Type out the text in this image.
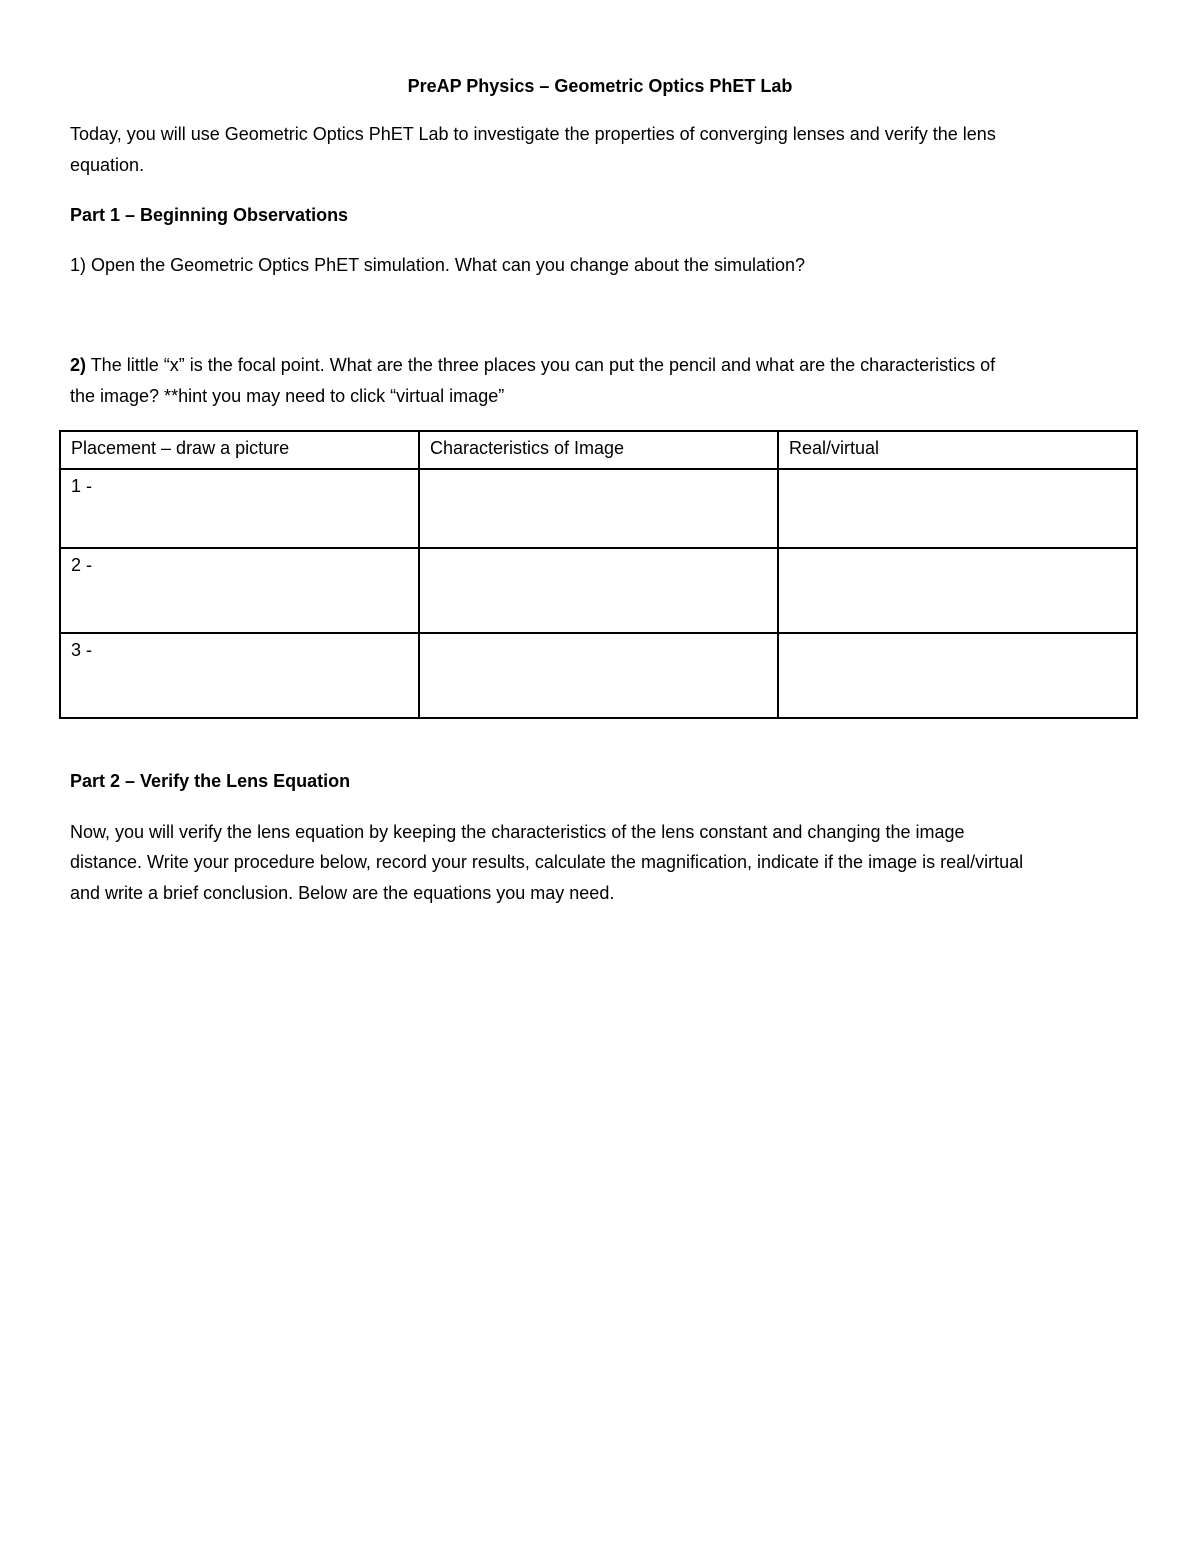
PreAP Physics – Geometric Optics PhET Lab
Today, you will use Geometric Optics PhET Lab to investigate the properties of converging lenses and verify the lens
equation.
Part 1 – Beginning Observations
1) Open the Geometric Optics PhET simulation. What can you change about the simulation?
2) The little “x” is the focal point. What are the three places you can put the pencil and what are the characteristics of
the image? **hint you may need to click “virtual image”
Placement – draw a picture	Characteristics of Image	Real/virtual
1 -		
2 -		
3 -		
Part 2 – Verify the Lens Equation
Now, you will verify the lens equation by keeping the characteristics of the lens constant and changing the image
distance. Write your procedure below, record your results, calculate the magnification, indicate if the image is real/virtual
and write a brief conclusion. Below are the equations you may need.
